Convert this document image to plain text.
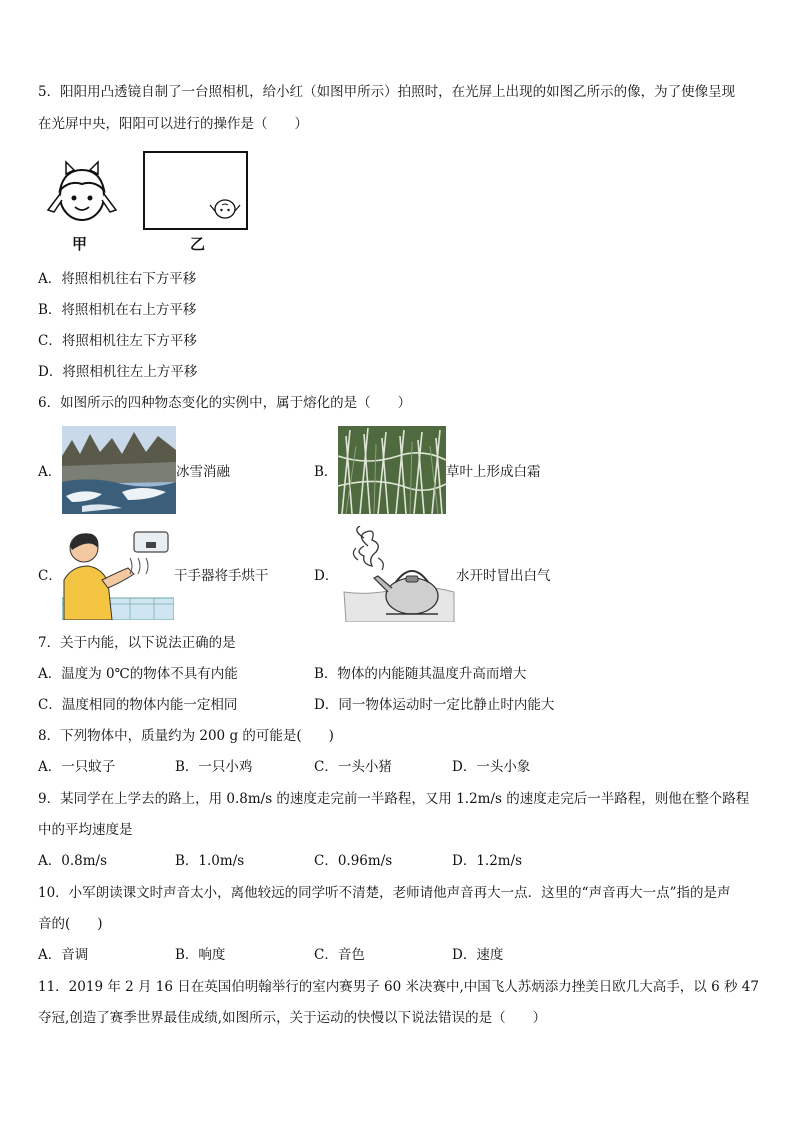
5．阳阳用凸透镜自制了一台照相机，给小红（如图甲所示）拍照时，在光屏上出现的如图乙所示的像，为了使像呈现
在光屏中央，阳阳可以进行的操作是（　　）
甲	乙
A．将照相机往右下方平移
B．将照相机在右上方平移
C．将照相机往左下方平移
D．将照相机往左上方平移
6．如图所示的四种物态变化的实例中，属于熔化的是（　　）
A．	冰雪消融	B．	草叶上形成白霜
C．	干手器将手烘干	D．	水开时冒出白气
7．关于内能，以下说法正确的是
A．温度为 0℃的物体不具有内能	B．物体的内能随其温度升高而增大
C．温度相同的物体内能一定相同	D．同一物体运动时一定比静止时内能大
8．下列物体中，质量约为 200 g 的可能是(　　)
A．一只蚊子	B．一只小鸡	C．一头小猪	D．一头小象
9．某同学在上学去的路上，用 0.8m/s 的速度走完前一半路程，又用 1.2m/s 的速度走完后一半路程，则他在整个路程
中的平均速度是
A．0.8m/s	B．1.0m/s	C．0.96m/s	D．1.2m/s
10．小军朗读课文时声音太小，离他较远的同学听不清楚，老师请他声音再大一点．这里的“声音再大一点”指的是声
音的(　　)
A．音调	B．响度	C．音色	D．速度
11．2019 年 2 月 16 日在英国伯明翰举行的室内赛男子 60 米决赛中,中国飞人苏炳添力挫美日欧几大高手，以 6 秒 47
夺冠,创造了赛季世界最佳成绩,如图所示，关于运动的快慢以下说法错误的是（　　）
